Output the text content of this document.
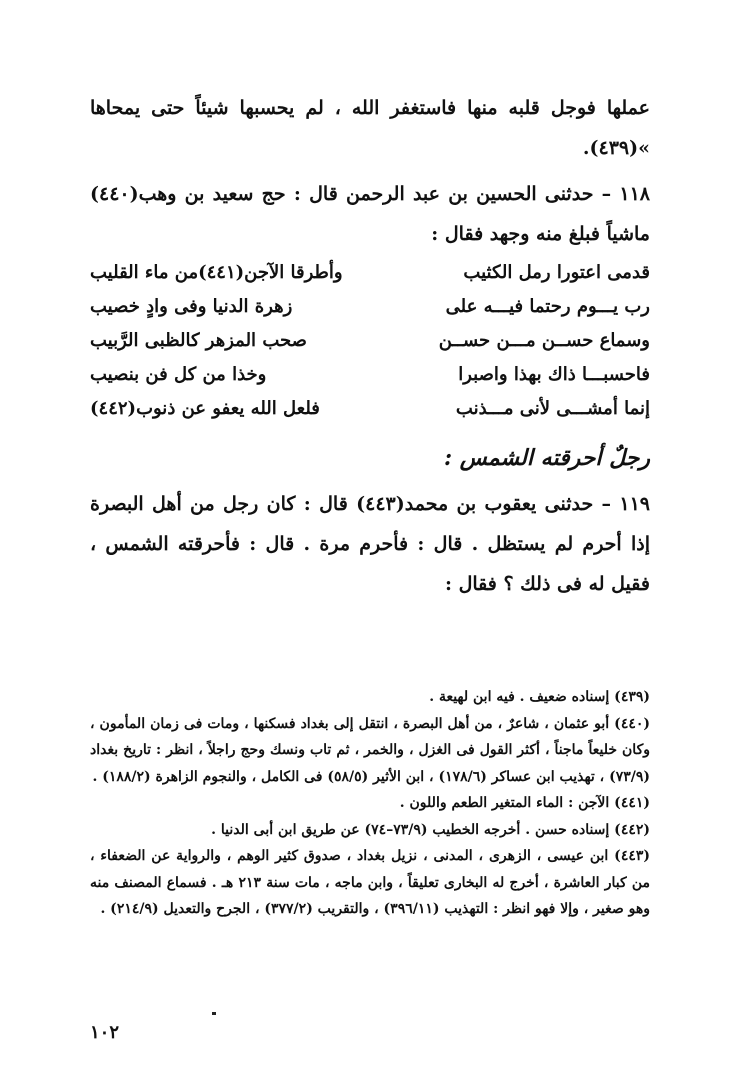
عملها فوجل قلبه منها فاستغفر الله ، لم يحسبها شيئاً حتى يمحاها »(٤٣٩).

١١٨ – حدثنى الحسين بن عبد الرحمن قال : حج سعيد بن وهب(٤٤٠) ماشياً فبلغ منه وجهد فقال :

قدمى اعتورا رمل الكثيب
وأطرقا الآجن(٤٤١)من ماء القليب
رب يـــوم رحتما فيـــه على
زهرة الدنيا وفى وادٍ خصيب
وسماع حســن مـــن حســن
صحب المزهر كالظبى الرَّبيب
فاحسبـــا ذاك بهذا واصبرا
وخذا من كل فن بنصيب
إنما أمشـــى لأنى مـــذنب
فلعل الله يعفو عن ذنوب(٤٤٢)
رجلٌ أحرقته الشمس :

١١٩ – حدثنى يعقوب بن محمد(٤٤٣) قال : كان رجل من أهل البصرة إذا أحرم لم يستظل . قال : فأحرم مرة . قال : فأحرقته الشمس ، فقيل له فى ذلك ؟ فقال :

(٤٣٩) إسناده ضعيف . فيه ابن لهيعة .

(٤٤٠) أبو عثمان ، شاعرٌ ، من أهل البصرة ، انتقل إلى بغداد فسكنها ، ومات فى زمان المأمون ، وكان خليعاً ماجناً ، أكثر القول فى الغزل ، والخمر ، ثم تاب ونسك وحج راجلاً ، انظر : تاريخ بغداد (٧٣/٩) ، تهذيب ابن عساكر (١٧٨/٦) ، ابن الأثير (٥٨/٥) فى الكامل ، والنجوم الزاهرة (١٨٨/٢) .

(٤٤١) الآجن : الماء المتغير الطعم واللون .

(٤٤٢) إسناده حسن . أخرجه الخطيب (٧٣/٩–٧٤) عن طريق ابن أبى الدنيا .

(٤٤٣) ابن عيسى ، الزهرى ، المدنى ، نزيل بغداد ، صدوق كثير الوهم ، والرواية عن الضعفاء ، من كبار العاشرة ، أخرج له البخارى تعليقاً ، وابن ماجه ، مات سنة ٢١٣ هـ . فسماع المصنف منه وهو صغير ، وإلا فهو انظر : التهذيب (٣٩٦/١١) ، والتقريب (٣٧٧/٢) ، الجرح والتعديل (٢١٤/٩) .

١٠٢
